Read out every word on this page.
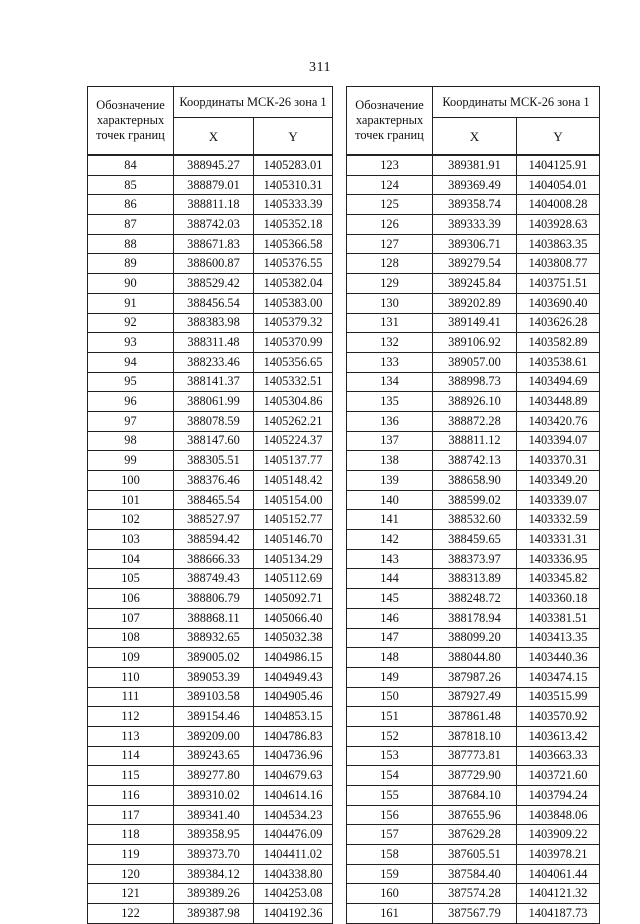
311
Обозначение характерных точек границ	Координаты МСК-26 зона 1	
	X	Y
84	388945.27	1405283.01
85	388879.01	1405310.31
86	388811.18	1405333.39
87	388742.03	1405352.18
88	388671.83	1405366.58
89	388600.87	1405376.55
90	388529.42	1405382.04
91	388456.54	1405383.00
92	388383.98	1405379.32
93	388311.48	1405370.99
94	388233.46	1405356.65
95	388141.37	1405332.51
96	388061.99	1405304.86
97	388078.59	1405262.21
98	388147.60	1405224.37
99	388305.51	1405137.77
100	388376.46	1405148.42
101	388465.54	1405154.00
102	388527.97	1405152.77
103	388594.42	1405146.70
104	388666.33	1405134.29
105	388749.43	1405112.69
106	388806.79	1405092.71
107	388868.11	1405066.40
108	388932.65	1405032.38
109	389005.02	1404986.15
110	389053.39	1404949.43
111	389103.58	1404905.46
112	389154.46	1404853.15
113	389209.00	1404786.83
114	389243.65	1404736.96
115	389277.80	1404679.63
116	389310.02	1404614.16
117	389341.40	1404534.23
118	389358.95	1404476.09
119	389373.70	1404411.02
120	389384.12	1404338.80
121	389389.26	1404253.08
122	389387.98	1404192.36
Обозначение характерных точек границ	Координаты МСК-26 зона 1	
	X	Y
123	389381.91	1404125.91
124	389369.49	1404054.01
125	389358.74	1404008.28
126	389333.39	1403928.63
127	389306.71	1403863.35
128	389279.54	1403808.77
129	389245.84	1403751.51
130	389202.89	1403690.40
131	389149.41	1403626.28
132	389106.92	1403582.89
133	389057.00	1403538.61
134	388998.73	1403494.69
135	388926.10	1403448.89
136	388872.28	1403420.76
137	388811.12	1403394.07
138	388742.13	1403370.31
139	388658.90	1403349.20
140	388599.02	1403339.07
141	388532.60	1403332.59
142	388459.65	1403331.31
143	388373.97	1403336.95
144	388313.89	1403345.82
145	388248.72	1403360.18
146	388178.94	1403381.51
147	388099.20	1403413.35
148	388044.80	1403440.36
149	387987.26	1403474.15
150	387927.49	1403515.99
151	387861.48	1403570.92
152	387818.10	1403613.42
153	387773.81	1403663.33
154	387729.90	1403721.60
155	387684.10	1403794.24
156	387655.96	1403848.06
157	387629.28	1403909.22
158	387605.51	1403978.21
159	387584.40	1404061.44
160	387574.28	1404121.32
161	387567.79	1404187.73
